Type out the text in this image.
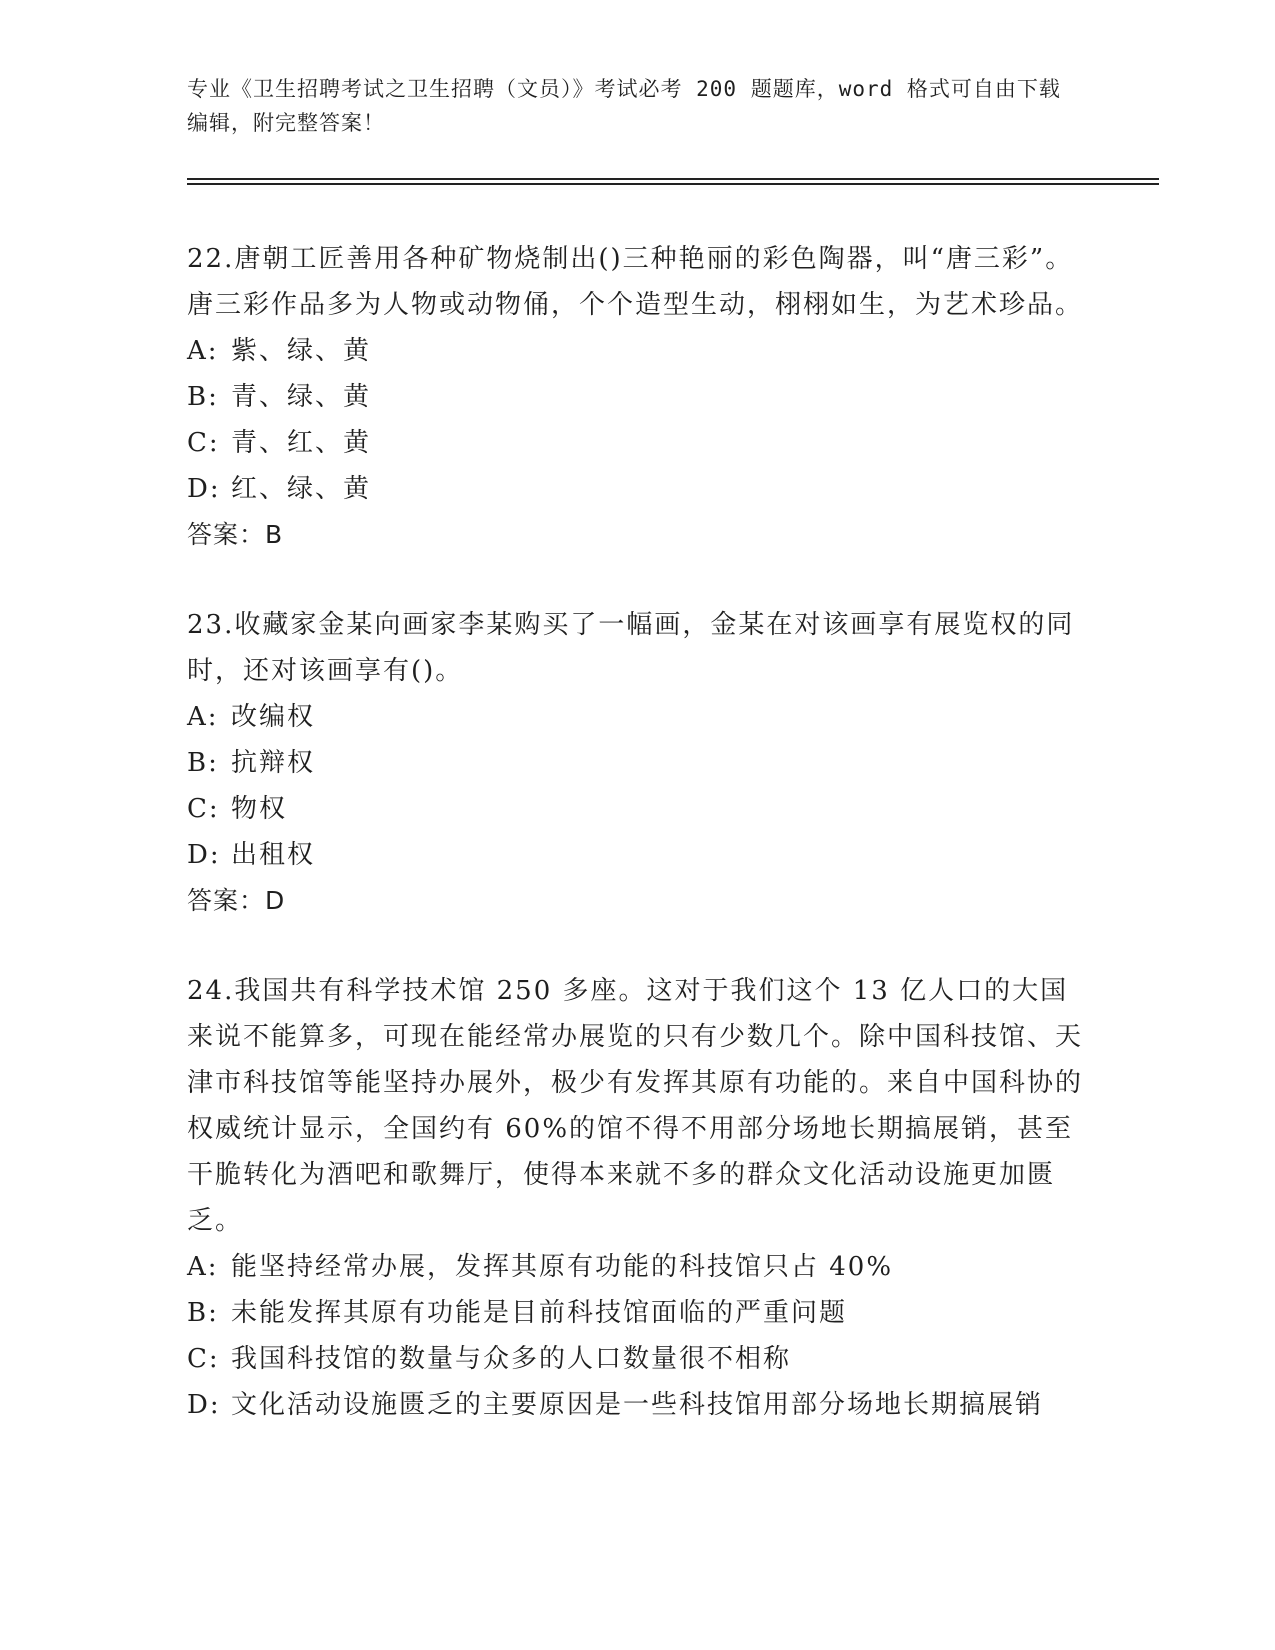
专业《卫生招聘考试之卫生招聘（文员）》考试必考 200 题题库，word 格式可自由下载编辑，附完整答案！
22.唐朝工匠善用各种矿物烧制出()三种艳丽的彩色陶器，叫“唐三彩”。唐三彩作品多为人物或动物俑，个个造型生动，栩栩如生，为艺术珍品。
A: 紫、绿、黄
B: 青、绿、黄
C: 青、红、黄
D: 红、绿、黄
答案：B
23.收藏家金某向画家李某购买了一幅画，金某在对该画享有展览权的同时，还对该画享有()。
A: 改编权
B: 抗辩权
C: 物权
D: 出租权
答案：D
24.我国共有科学技术馆 250 多座。这对于我们这个 13 亿人口的大国来说不能算多，可现在能经常办展览的只有少数几个。除中国科技馆、天津市科技馆等能坚持办展外，极少有发挥其原有功能的。来自中国科协的权威统计显示，全国约有 60%的馆不得不用部分场地长期搞展销，甚至干脆转化为酒吧和歌舞厅，使得本来就不多的群众文化活动设施更加匮乏。
A: 能坚持经常办展，发挥其原有功能的科技馆只占 40%
B: 未能发挥其原有功能是目前科技馆面临的严重问题
C: 我国科技馆的数量与众多的人口数量很不相称
D: 文化活动设施匮乏的主要原因是一些科技馆用部分场地长期搞展销
